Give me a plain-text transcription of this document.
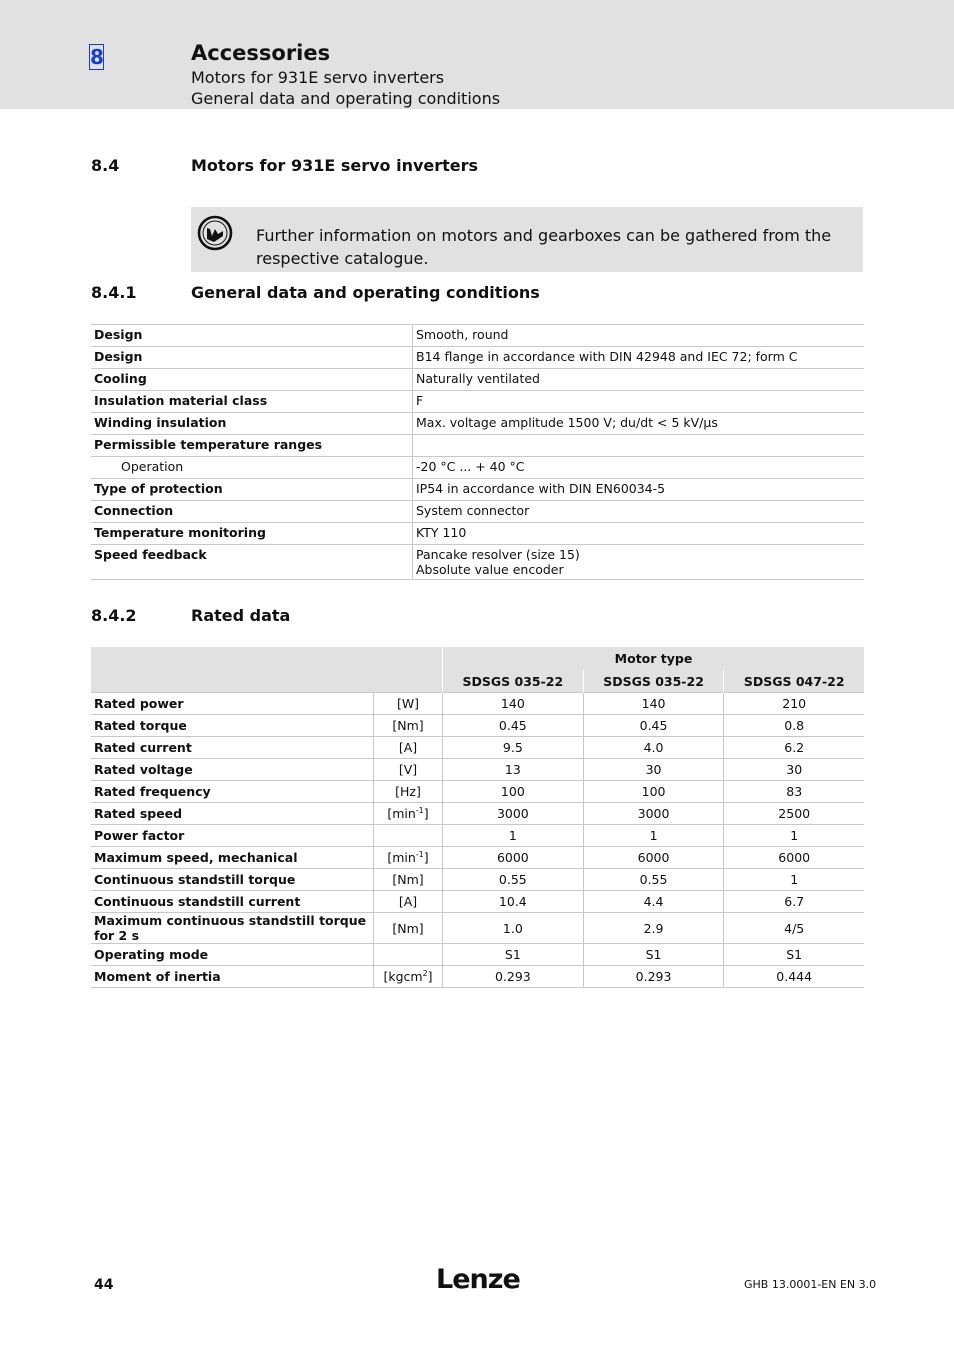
8	Accessories
Motors for 931E servo inverters
General data and operating conditions
8.4	Motors for 931E servo inverters
Further information on motors and gearboxes can be gathered from the respective catalogue.
8.4.1	General data and operating conditions
Design	Smooth, round
Design	B14 flange in accordance with DIN 42948 and IEC 72; form C
Cooling	Naturally ventilated
Insulation material class	F
Winding insulation	Max. voltage amplitude 1500 V; du/dt < 5 kV/µs
Permissible temperature ranges	
Operation	-20 °C ... + 40 °C
Type of protection	IP54 in accordance with DIN EN60034-5
Connection	System connector
Temperature monitoring	KTY 110
Speed feedback	Pancake resolver (size 15)
Absolute value encoder
8.4.2	Rated data
		Motor type		
		SDSGS 035-22	SDSGS 035-22	SDSGS 047-22
Rated power	[W]	140	140	210
Rated torque	[Nm]	0.45	0.45	0.8
Rated current	[A]	9.5	4.0	6.2
Rated voltage	[V]	13	30	30
Rated frequency	[Hz]	100	100	83
Rated speed	$[\min^{-1}]$	3000	3000	2500
Power factor		1	1	1
Maximum speed, mechanical	$[\min^{-1}]$	6000	6000	6000
Continuous standstill torque	[Nm]	0.55	0.55	1
Continuous standstill current	[A]	10.4	4.4	6.7
Maximum continuous standstill torque for 2 s	[Nm]	1.0	2.9	4/5
Operating mode		S1	S1	S1
Moment of inertia	[kgcm$^2$]	0.293	0.293	0.444
44	Lenze	GHB 13.0001-EN EN 3.0
